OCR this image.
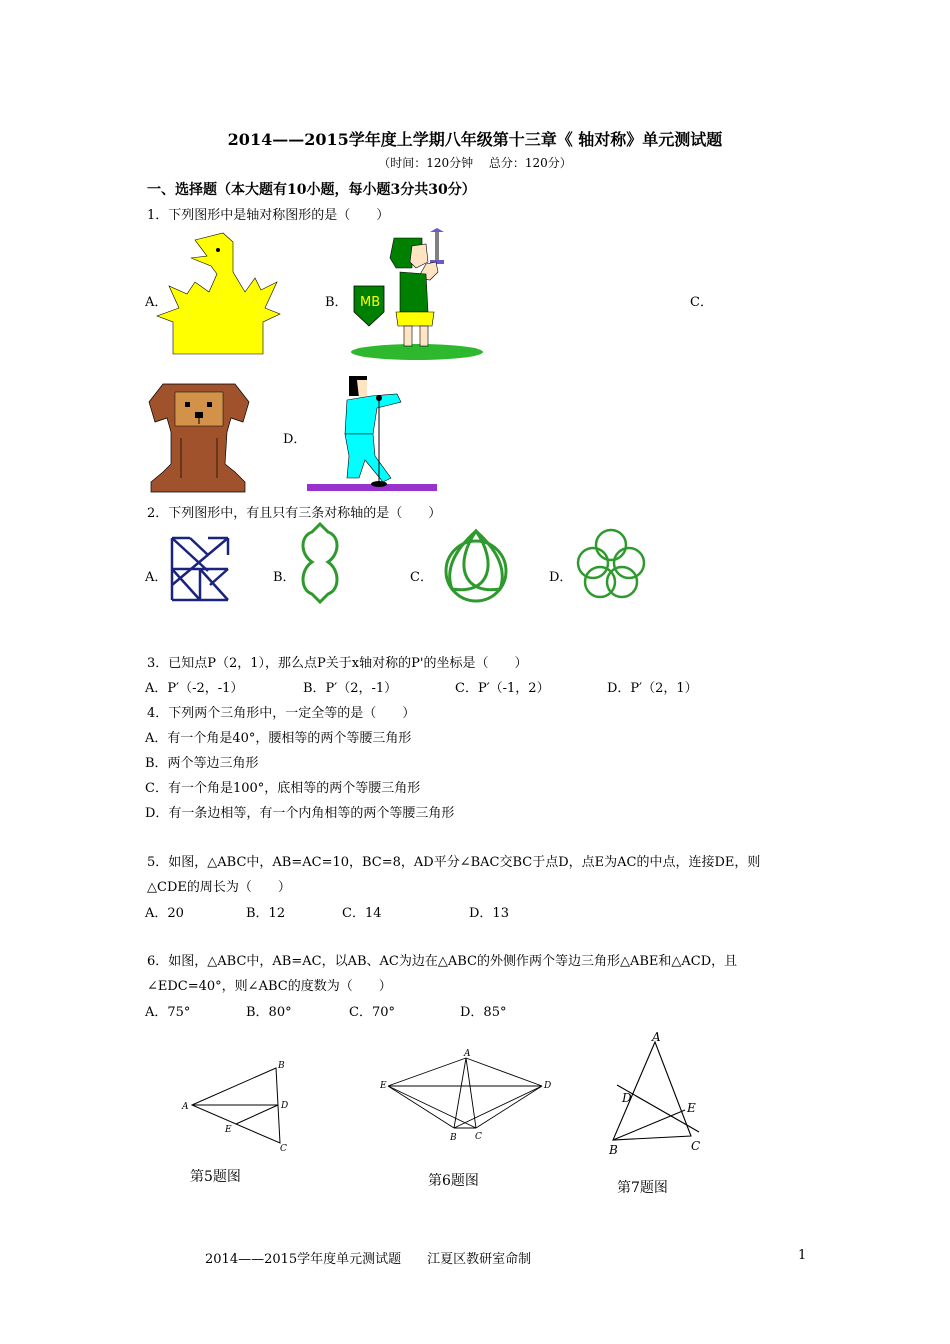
2014——2015学年度上学期八年级第十三章《 轴对称》单元测试题
（时间：120分钟　 总分：120分）
一、选择题（本大题有10小题，每小题3分共30分）
1．下列图形中是轴对称图形的是（　　）
A．	B．	C．
D．
MB
2．下列图形中，有且只有三条对称轴的是（　　）
A．	B．	C．	D．
3．已知点P（2，1），那么点P关于x轴对称的P'的坐标是（　　）
A．P′（-2，-1）	B．P′（2，-1）	C．P′（-1，2）	D．P′（2，1）
4．下列两个三角形中，一定全等的是（　　）
A．有一个角是40°，腰相等的两个等腰三角形
B．两个等边三角形
C．有一个角是100°，底相等的两个等腰三角形
D．有一条边相等，有一个内角相等的两个等腰三角形
5．如图，△ABC中，AB=AC=10，BC=8，AD平分∠BAC交BC于点D，点E为AC的中点，连接DE，则
△CDE的周长为（　　）
A．20	B．12	C．14	D．13
6．如图，△ABC中，AB=AC，以AB、AC为边在△ABC的外侧作两个等边三角形△ABE和△ACD，且
∠EDC=40°，则∠ABC的度数为（　　）
A．75°	B．80°	C．70°	D．85°
A
B
D
E
C
第5题图
A
E	D
B C
第6题图
A
D
E
B	C
第7题图
2014——2015学年度单元测试题　　江夏区教研室命制	1
